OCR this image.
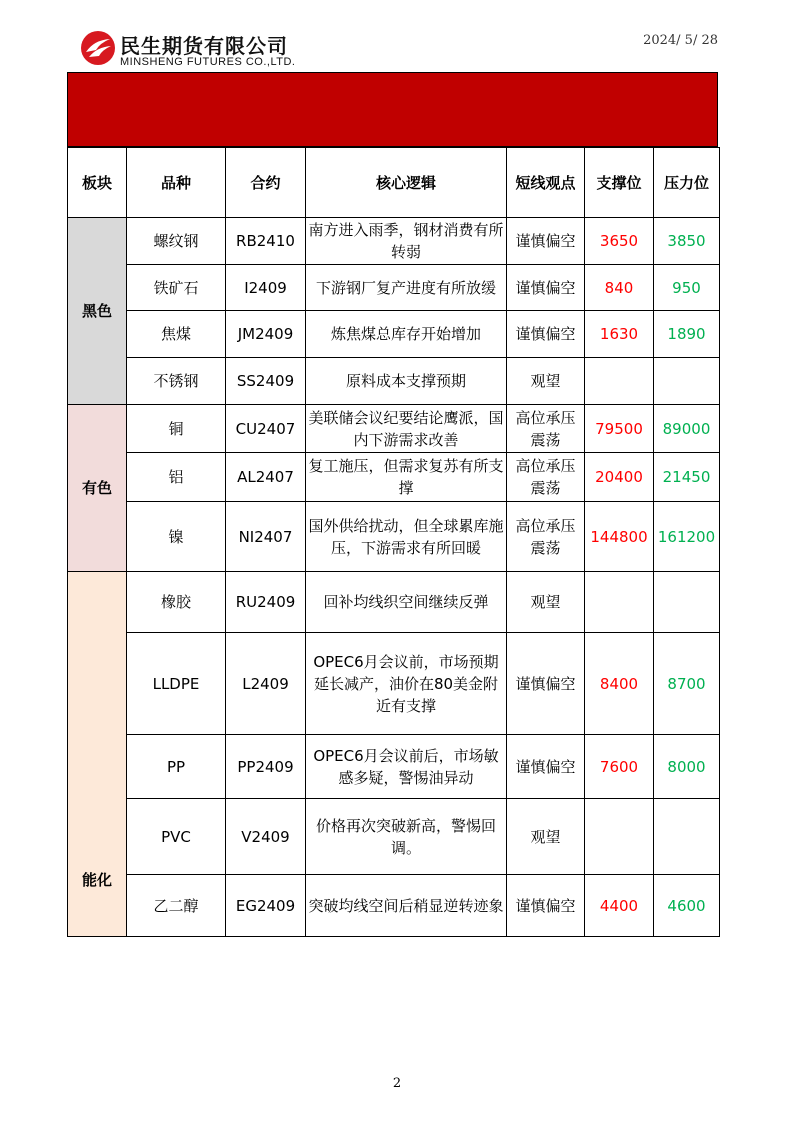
民生期货有限公司
MINSHENG FUTURES CO.,LTD.
2024/ 5/ 28
板块	品种	合约	核心逻辑	短线观点	支撑位	压力位
黑色	螺纹钢	RB2410	南方进入雨季，钢材消费有所转弱	谨慎偏空	3650	3850
	铁矿石	I2409	下游钢厂复产进度有所放缓	谨慎偏空	840	950
	焦煤	JM2409	炼焦煤总库存开始增加	谨慎偏空	1630	1890
	不锈钢	SS2409	原料成本支撑预期	观望		
有色	铜	CU2407	美联储会议纪要结论鹰派，国内下游需求改善	高位承压震荡	79500	89000
	铝	AL2407	复工施压，但需求复苏有所支撑	高位承压震荡	20400	21450
	镍	NI2407	国外供给扰动，但全球累库施压，下游需求有所回暖	高位承压震荡	144800	161200
能化	橡胶	RU2409	回补均线织空间继续反弹	观望		
	LLDPE	L2409	OPEC6月会议前，市场预期延长减产，油价在80美金附近有支撑	谨慎偏空	8400	8700
	PP	PP2409	OPEC6月会议前后，市场敏感多疑，警惕油异动	谨慎偏空	7600	8000
	PVC	V2409	价格再次突破新高，警惕回调。	观望		
	乙二醇	EG2409	突破均线空间后稍显逆转迹象	谨慎偏空	4400	4600
2
